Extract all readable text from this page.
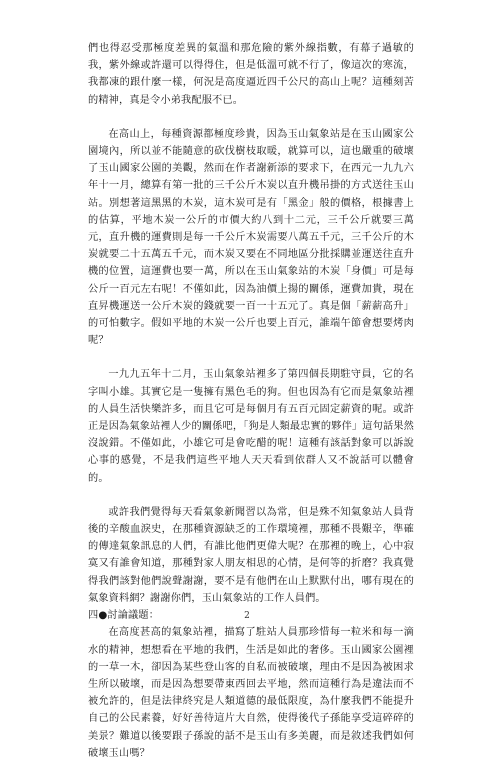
們也得忍受那極度差異的氣溫和那危險的紫外線指數，有幕子過敏的我，紫外線或許還可以得得住，但是低溫可就不行了，像這次的寒流，我都凍的跟什麼一樣，何況是高度逼近四千公尺的高山上呢？這種刻苦的精神，真是令小弟我配服不已。

在高山上，每種資源都極度珍貴，因為玉山氣象站是在玉山國家公園境內，所以並不能隨意的砍伐樹枝取暖，就算可以，這也嚴重的破壞了玉山國家公園的美觀，然而在作者謝新添的要求下，在西元一九九六年十一月，總算有第一批的三千公斤木炭以直升機吊掛的方式送往玉山站。別想著這黑黑的木炭，這木炭可是有「黑金」般的價格，根據書上的估算，平地木炭一公斤的市價大約八到十二元，三千公斤就要三萬元，直升機的運費則是每一千公斤木炭需要八萬五千元，三千公斤的木炭就要二十五萬五千元，而木炭又要在不同地區分批採購並運送往直升機的位置，這運費也要一萬，所以在玉山氣象站的木炭「身價」可是每公斤一百元左右呢！不僅如此，因為油價上揚的關係，運費加貴，現在直昇機運送一公斤木炭的錢就要一百一十五元了。真是個「薪薪高升」的可怕數字。假如平地的木炭一公斤也要上百元，誰端午節會想要烤肉呢？

一九九五年十二月，玉山氣象站裡多了第四個長期駐守員，它的名字叫小雄。其實它是一隻擁有黑色毛的狗。但也因為有它而是氣象站裡的人員生活快樂許多，而且它可是每個月有五百元固定薪資的呢。或許正是因為氣象站裡人少的關係吧，「狗是人類最忠實的夥伴」這句話果然沒說錯。不僅如此，小雄它可是會吃醋的呢！這種有該話對象可以訴說心事的感覺，不是我們這些平地人天天看到依群人又不說話可以體會的。

或許我們覺得每天看氣象新聞習以為常，但是殊不知氣象站人員背後的辛酸血淚史，在那種資源缺乏的工作環境裡，那種不畏艱辛，準確的傳達氣象訊息的人們，有誰比他們更偉大呢？在那裡的晚上，心中寂寞又有誰會知道，那種對家人朋友相思的心情，是何等的折磨？我真覺得我們該對他們說聲謝謝，要不是有他們在山上默默付出，哪有現在的氣象資料網？謝謝你們，玉山氣象站的工作人員們。

四●討論議題：

在高度甚高的氣象站裡，描寫了駐站人員那珍惜每一粒米和每一滴水的精神，想想看在平地的我們，生活是如此的奢侈。玉山國家公園裡的一草一木，卻因為某些登山客的自私而被破壞，理由不是因為被困求生所以破壞，而是因為想要帶東西回去平地，然而這種行為是違法而不被允許的，但是法律終究是人類道德的最低限度，為什麼我們不能提升自己的公民素養，好好善待這片大自然，使得後代子孫能享受這碎碎的美景？難道以後要跟子孫說的話不是玉山有多美麗，而是敘述我們如何破壞玉山嗎？

2
